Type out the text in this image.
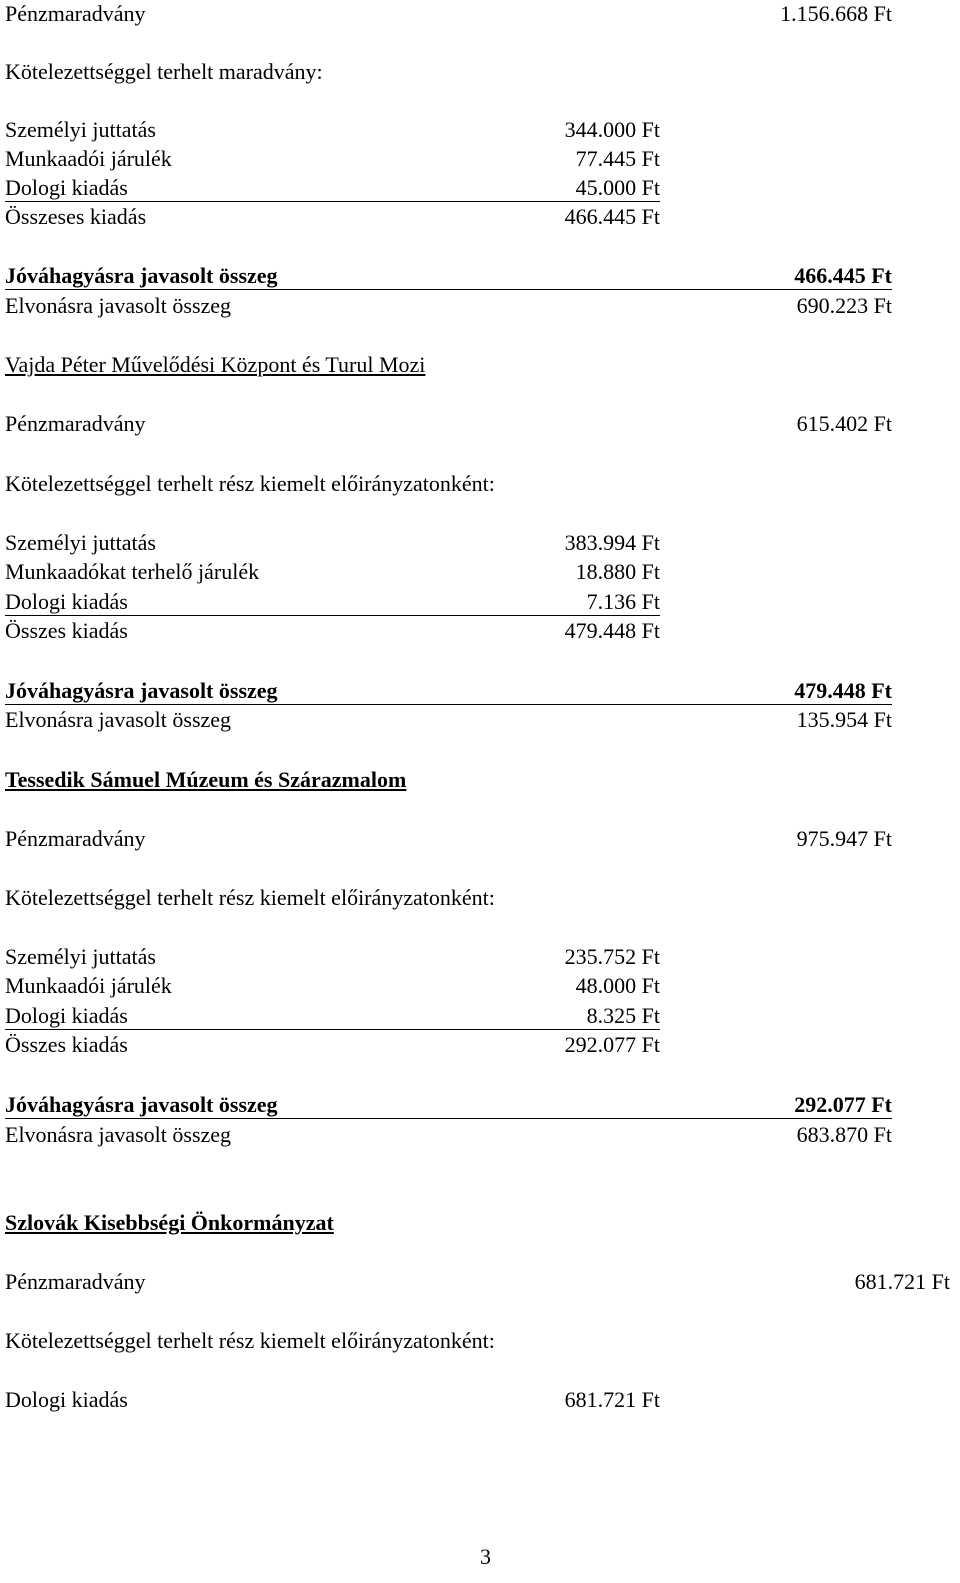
Pénzmaradvány	1.156.668 Ft
Kötelezettséggel terhelt maradvány:
Személyi juttatás	344.000 Ft
Munkaadói járulék	77.445 Ft
Dologi kiadás	45.000 Ft
Összeses kiadás	466.445 Ft
Jóváhagyásra javasolt összeg	466.445 Ft
Elvonásra javasolt összeg	690.223 Ft
Vajda Péter Művelődési Központ és Turul Mozi
Pénzmaradvány	615.402 Ft
Kötelezettséggel terhelt rész kiemelt előirányzatonként:
Személyi juttatás	383.994 Ft
Munkaadókat terhelő járulék	18.880 Ft
Dologi kiadás	7.136 Ft
Összes kiadás	479.448 Ft
Jóváhagyásra javasolt összeg	479.448 Ft
Elvonásra javasolt összeg	135.954 Ft
Tessedik Sámuel Múzeum és Szárazmalom
Pénzmaradvány	975.947 Ft
Kötelezettséggel terhelt rész kiemelt előirányzatonként:
Személyi juttatás	235.752 Ft
Munkaadói járulék	48.000 Ft
Dologi kiadás	8.325 Ft
Összes kiadás	292.077 Ft
Jóváhagyásra javasolt összeg	292.077 Ft
Elvonásra javasolt összeg	683.870 Ft
Szlovák Kisebbségi Önkormányzat
Pénzmaradvány	681.721 Ft
Kötelezettséggel terhelt rész kiemelt előirányzatonként:
Dologi kiadás	681.721 Ft
3
